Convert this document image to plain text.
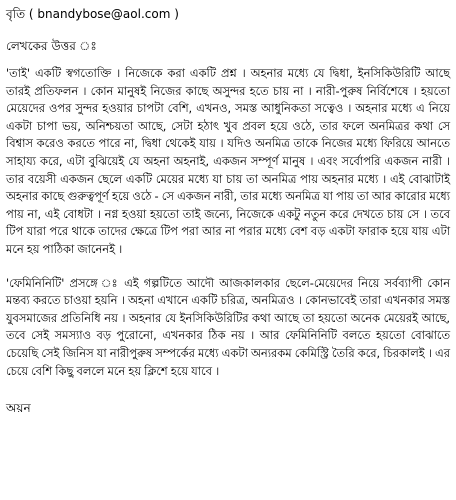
বৃতি ( bnandybose@aol.com )
লেখকের উত্তর ঃ

'তাই' একটি স্বগতোক্তি । নিজেকে করা একটি প্রশ্ন । অহনার মধ্যে যে দ্বিধা, ইনসিকিউরিটি আছে তারই প্রতিফলন । কোন মানুষই নিজের কাছে অসুন্দর হতে চায় না । নারী-পুরুষ নির্বিশেষে । হয়তো মেয়েদের ওপর সুন্দর হওয়ার চাপটা বেশি, এখনও, সমস্ত আধুনিকতা সত্বেও । অহনার মধ্যে এ নিয়ে একটা চাপা ভয়, অনিশ্চয়তা আছে, সেটা হঠাৎ খুব প্রবল হয়ে ওঠে, তার ফলে অনমিত্রর কথা সে বিশ্বাস করেও করতে পারে না, দ্বিধা থেকেই যায় । যদিও অনমিত্র তাকে নিজের মধ্যে ফিরিয়ে আনতে সাহায্য করে, এটা বুঝিয়েই যে অহনা অহনাই, একজন সম্পূর্ণ মানুষ । এবং সর্বোপরি একজন নারী । তার বয়েসী একজন ছেলে একটি মেয়ের মধ্যে যা চায় তা অনমিত্র পায় অহনার মধ্যে । এই বোঝাটাই অহনার কাছে গুরুত্বপূর্ণ হয়ে ওঠে - সে একজন নারী, তার মধ্যে অনমিত্র যা পায় তা আর কারোর মধ্যে পায় না, এই বোধটা । নগ্ন হওয়া হয়তো তাই জন্যে, নিজেকে একটু নতুন করে দেখতে চায় সে । তবে টিপ যারা পরে থাকে তাদের ক্ষেত্রে টিপ পরা আর না পরার মধ্যে বেশ বড় একটা ফারাক হয়ে যায় এটা মনে হয় পাঠিকা জানেনই ।

'ফেমিনিনিটি' প্রসঙ্গে ঃ এই গল্পটিতে আদৌ আজকালকার ছেলে-মেয়েদের নিয়ে সর্বব্যাপী কোন মন্তব্য করতে চাওয়া হয়নি । অহনা এখানে একটি চরিত্র, অনমিত্রও । কোনভাবেই তারা এখনকার সমস্ত যুবসমাজের প্রতিনিধি নয় । অহনার যে ইনসিকিউরিটির কথা আছে তা হয়তো অনেক মেয়েরই আছে, তবে সেই সমস্যাও বড় পুরোনো, এখনকার ঠিক নয় । আর ফেমিনিনিটি বলতে হয়তো বোঝাতে চেয়েছি সেই জিনিস যা নারীপুরুষ সম্পর্কের মধ্যে একটা অন্যরকম কেমিস্ট্রি তৈরি করে, চিরকালই । এর চেয়ে বেশি কিছু বললে মনে হয় ক্লিশে হয়ে যাবে ।

অয়ন
